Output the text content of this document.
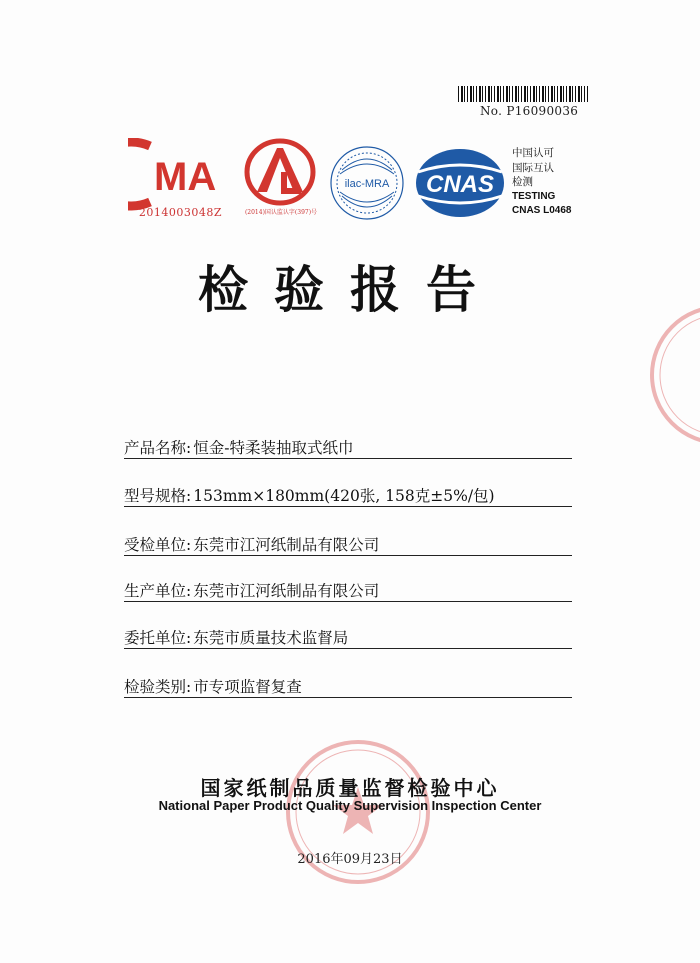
No. P16090036
MA
2014003048Z	(2014)国认监认字(397)号
ilac-MRA CNAS
中国认可
国际互认
检测
TESTING
CNAS L0468
检验报告
产品名称: 恒金-特柔装抽取式纸巾
型号规格: 153mm×180mm(420张, 158克±5%/包)
受检单位: 东莞市江河纸制品有限公司
生产单位: 东莞市江河纸制品有限公司
委托单位: 东莞市质量技术监督局
检验类别: 市专项监督复查
国家纸制品质量监督检验中心
National Paper Product Quality Supervision Inspection Center
2016年09月23日
